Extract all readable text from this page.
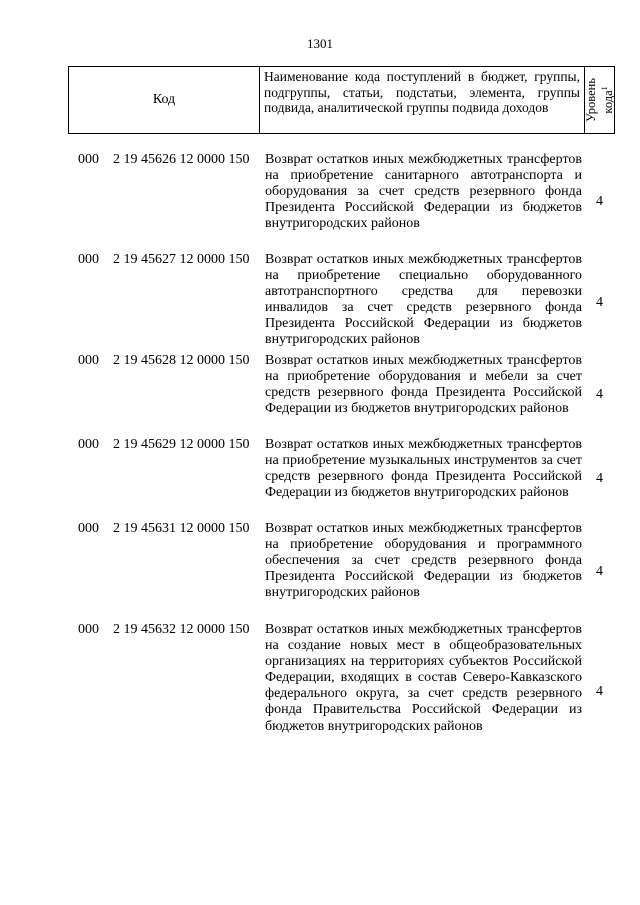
1301
Код
Наименование кода поступлений в бюджет, группы, подгруппы, статьи, подстатьи, элемента, группы подвида, аналитической группы подвида доходов	Уровень кода$^1$
000 2 19 45626 12 0000 150 Возврат остатков иных межбюджетных трансфертов на приобретение санитарного автотранспорта и оборудования за счет средств резервного фонда Президента Российской Федерации из бюджетов внутригородских районов
4
000 2 19 45627 12 0000 150 Возврат остатков иных межбюджетных трансфертов на приобретение специально оборудованного автотранспортного средства для перевозки инвалидов за счет средств резервного фонда Президента Российской Федерации из бюджетов внутригородских районов
4
000 2 19 45628 12 0000 150 Возврат остатков иных межбюджетных трансфертов на приобретение оборудования и мебели за счет средств резервного фонда Президента Российской Федерации из бюджетов внутригородских районов
4
000 2 19 45629 12 0000 150 Возврат остатков иных межбюджетных трансфертов на приобретение музыкальных инструментов за счет средств резервного фонда Президента Российской Федерации из бюджетов внутригородских районов
4
000 2 19 45631 12 0000 150 Возврат остатков иных межбюджетных трансфертов на приобретение оборудования и программного обеспечения за счет средств резервного фонда Президента Российской Федерации из бюджетов внутригородских районов
4
000 2 19 45632 12 0000 150 Возврат остатков иных межбюджетных трансфертов на создание новых мест в общеобразовательных организациях на территориях субъектов Российской Федерации, входящих в состав Северо-Кавказского федерального округа, за счет средств резервного фонда Правительства Российской Федерации из бюджетов внутригородских районов
4
